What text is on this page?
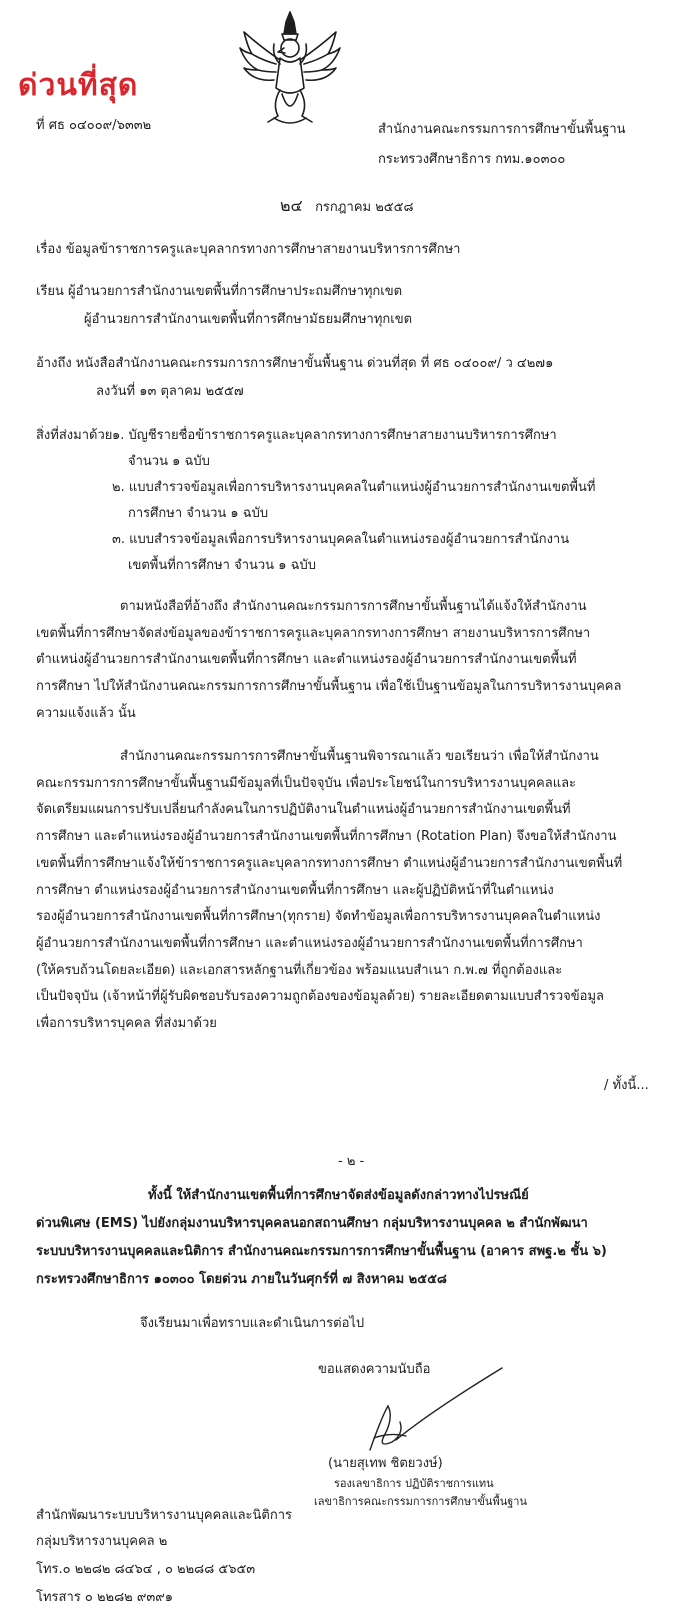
ด่วนที่สุด
ที่ ศธ ๐๔๐๐๙/๖๓๓๒	สำนักงานคณะกรรมการการศึกษาขั้นพื้นฐาน
กระทรวงศึกษาธิการ กทม.๑๐๓๐๐
๒๔ กรกฎาคม ๒๕๕๘
เรื่อง ข้อมูลข้าราชการครูและบุคลากรทางการศึกษาสายงานบริหารการศึกษา
เรียน ผู้อำนวยการสำนักงานเขตพื้นที่การศึกษาประถมศึกษาทุกเขต
ผู้อำนวยการสำนักงานเขตพื้นที่การศึกษามัธยมศึกษาทุกเขต
อ้างถึง หนังสือสำนักงานคณะกรรมการการศึกษาขั้นพื้นฐาน ด่วนที่สุด ที่ ศธ ๐๔๐๐๙/ ว ๔๒๗๑
ลงวันที่ ๑๓ ตุลาคม ๒๕๕๗
สิ่งที่ส่งมาด้วย ๑. บัญชีรายชื่อข้าราชการครูและบุคลากรทางการศึกษาสายงานบริหารการศึกษา
จำนวน ๑ ฉบับ
๒. แบบสำรวจข้อมูลเพื่อการบริหารงานบุคคลในตำแหน่งผู้อำนวยการสำนักงานเขตพื้นที่
การศึกษา จำนวน ๑ ฉบับ
๓. แบบสำรวจข้อมูลเพื่อการบริหารงานบุคคลในตำแหน่งรองผู้อำนวยการสำนักงาน
เขตพื้นที่การศึกษา จำนวน ๑ ฉบับ
ตามหนังสือที่อ้างถึง สำนักงานคณะกรรมการการศึกษาขั้นพื้นฐานได้แจ้งให้สำนักงาน
เขตพื้นที่การศึกษาจัดส่งข้อมูลของข้าราชการครูและบุคลากรทางการศึกษา สายงานบริหารการศึกษา
ตำแหน่งผู้อำนวยการสำนักงานเขตพื้นที่การศึกษา และตำแหน่งรองผู้อำนวยการสำนักงานเขตพื้นที่
การศึกษา ไปให้สำนักงานคณะกรรมการการศึกษาขั้นพื้นฐาน เพื่อใช้เป็นฐานข้อมูลในการบริหารงานบุคคล
ความแจ้งแล้ว นั้น
สำนักงานคณะกรรมการการศึกษาขั้นพื้นฐานพิจารณาแล้ว ขอเรียนว่า เพื่อให้สำนักงาน
คณะกรรมการการศึกษาขั้นพื้นฐานมีข้อมูลที่เป็นปัจจุบัน เพื่อประโยชน์ในการบริหารงานบุคคลและ
จัดเตรียมแผนการปรับเปลี่ยนกำลังคนในการปฏิบัติงานในตำแหน่งผู้อำนวยการสำนักงานเขตพื้นที่
การศึกษา และตำแหน่งรองผู้อำนวยการสำนักงานเขตพื้นที่การศึกษา (Rotation Plan) จึงขอให้สำนักงาน
เขตพื้นที่การศึกษาแจ้งให้ข้าราชการครูและบุคลากรทางการศึกษา ตำแหน่งผู้อำนวยการสำนักงานเขตพื้นที่
การศึกษา ตำแหน่งรองผู้อำนวยการสำนักงานเขตพื้นที่การศึกษา และผู้ปฏิบัติหน้าที่ในตำแหน่ง
รองผู้อำนวยการสำนักงานเขตพื้นที่การศึกษา(ทุกราย) จัดทำข้อมูลเพื่อการบริหารงานบุคคลในตำแหน่ง
ผู้อำนวยการสำนักงานเขตพื้นที่การศึกษา และตำแหน่งรองผู้อำนวยการสำนักงานเขตพื้นที่การศึกษา
(ให้ครบถ้วนโดยละเอียด) และเอกสารหลักฐานที่เกี่ยวข้อง พร้อมแนบสำเนา ก.พ.๗ ที่ถูกต้องและ
เป็นปัจจุบัน (เจ้าหน้าที่ผู้รับผิดชอบรับรองความถูกต้องของข้อมูลด้วย) รายละเอียดตามแบบสำรวจข้อมูล
เพื่อการบริหารบุคคล ที่ส่งมาด้วย
/ ทั้งนี้...
- ๒ -
ทั้งนี้ ให้สำนักงานเขตพื้นที่การศึกษาจัดส่งข้อมูลดังกล่าวทางไปรษณีย์
ด่วนพิเศษ (EMS) ไปยังกลุ่มงานบริหารบุคคลนอกสถานศึกษา กลุ่มบริหารงานบุคคล ๒ สำนักพัฒนา
ระบบบริหารงานบุคคลและนิติการ สำนักงานคณะกรรมการการศึกษาขั้นพื้นฐาน (อาคาร สพฐ.๒ ชั้น ๖)
กระทรวงศึกษาธิการ ๑๐๓๐๐ โดยด่วน ภายในวันศุกร์ที่ ๗ สิงหาคม ๒๕๕๘
จึงเรียนมาเพื่อทราบและดำเนินการต่อไป
ขอแสดงความนับถือ
(นายสุเทพ ชิตยวงษ์)
รองเลขาธิการ ปฏิบัติราชการแทน
เลขาธิการคณะกรรมการการศึกษาขั้นพื้นฐาน
สำนักพัฒนาระบบบริหารงานบุคคลและนิติการ
กลุ่มบริหารงานบุคคล ๒
โทร.๐ ๒๒๘๒ ๘๔๖๔ , ๐ ๒๒๘๘ ๕๖๕๓
โทรสาร ๐ ๒๒๘๒ ๙๓๙๑
